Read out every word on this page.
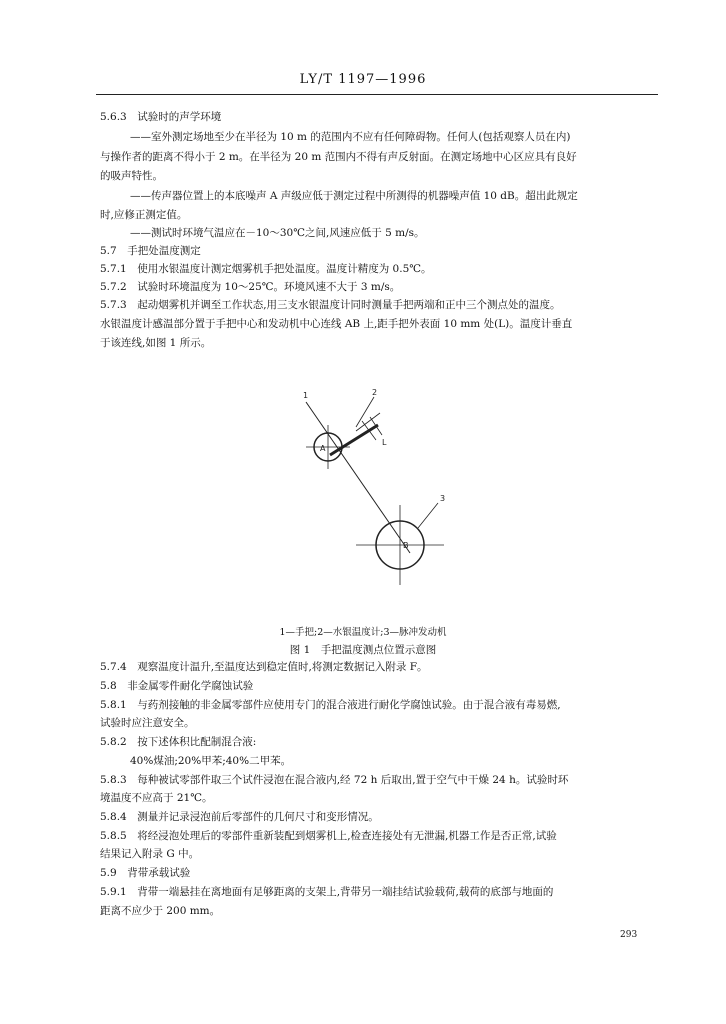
LY/T 1197—1996
5.6.3　试验时的声学环境
——室外测定场地至少在半径为 10 m 的范围内不应有任何障碍物。任何人(包括观察人员在内)
与操作者的距离不得小于 2 m。在半径为 20 m 范围内不得有声反射面。在测定场地中心区应具有良好
的吸声特性。
——传声器位置上的本底噪声 A 声级应低于测定过程中所测得的机器噪声值 10 dB。超出此规定
时,应修正测定值。
——测试时环境气温应在－10～30℃之间,风速应低于 5 m/s。
5.7　手把处温度测定
5.7.1　使用水银温度计测定烟雾机手把处温度。温度计精度为 0.5℃。
5.7.2　试验时环境温度为 10～25℃。环境风速不大于 3 m/s。
5.7.3　起动烟雾机并调至工作状态,用三支水银温度计同时测量手把两端和正中三个测点处的温度。
水银温度计感温部分置于手把中心和发动机中心连线 AB 上,距手把外表面 10 mm 处(L)。温度计垂直
于该连线,如图 1 所示。
1	2
3
A
B
L
1—手把;2—水银温度计;3—脉冲发动机
图 1　手把温度测点位置示意图
5.7.4　观察温度计温升,至温度达到稳定值时,将测定数据记入附录 F。
5.8　非金属零件耐化学腐蚀试验
5.8.1　与药剂接触的非金属零部件应使用专门的混合液进行耐化学腐蚀试验。由于混合液有毒易燃,
试验时应注意安全。
5.8.2　按下述体积比配制混合液:
40%煤油;20%甲苯;40%二甲苯。
5.8.3　每种被试零部件取三个试件浸泡在混合液内,经 72 h 后取出,置于空气中干燥 24 h。试验时环
境温度不应高于 21℃。
5.8.4　测量并记录浸泡前后零部件的几何尺寸和变形情况。
5.8.5　将经浸泡处理后的零部件重新装配到烟雾机上,检查连接处有无泄漏,机器工作是否正常,试验
结果记入附录 G 中。
5.9　背带承载试验
5.9.1　背带一端悬挂在离地面有足够距离的支架上,背带另一端挂结试验载荷,载荷的底部与地面的
距离不应少于 200 mm。
293
